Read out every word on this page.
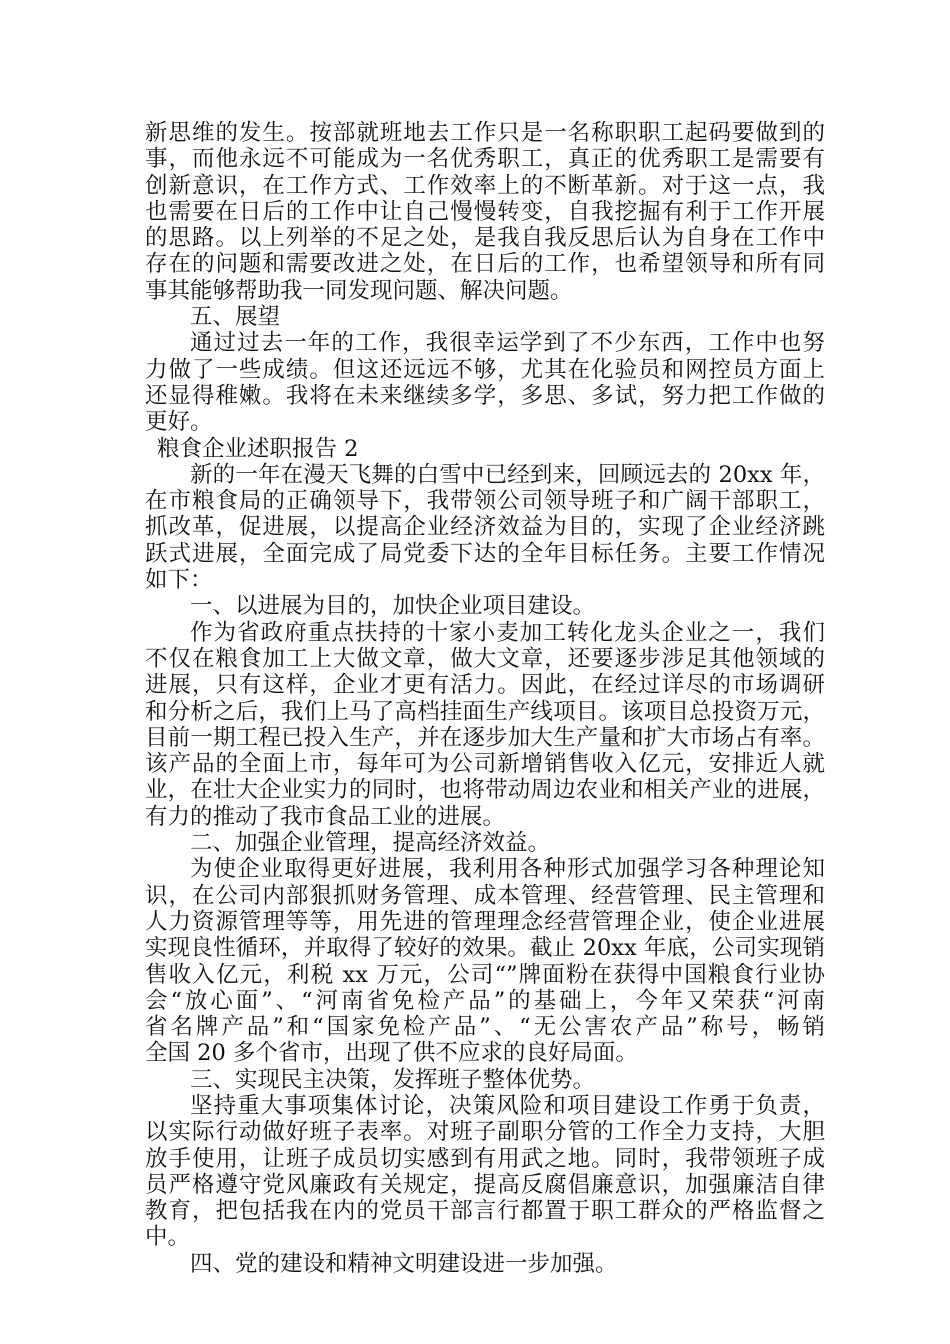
新思维的发生。按部就班地去工作只是一名称职职工起码要做到的
事，而他永远不可能成为一名优秀职工，真正的优秀职工是需要有
创新意识，在工作方式、工作效率上的不断革新。对于这一点，我
也需要在日后的工作中让自己慢慢转变，自我挖掘有利于工作开展
的思路。以上列举的不足之处，是我自我反思后认为自身在工作中
存在的问题和需要改进之处，在日后的工作，也希望领导和所有同
事其能够帮助我一同发现问题、解决问题。
五、展望
通过过去一年的工作，我很幸运学到了不少东西，工作中也努
力做了一些成绩。但这还远远不够，尤其在化验员和网控员方面上
还显得稚嫩。我将在未来继续多学，多思、多试，努力把工作做的
更好。
粮食企业述职报告 2
新的一年在漫天飞舞的白雪中已经到来，回顾远去的 20xx 年，
在市粮食局的正确领导下，我带领公司领导班子和广阔干部职工，
抓改革，促进展，以提高企业经济效益为目的，实现了企业经济跳
跃式进展，全面完成了局党委下达的全年目标任务。主要工作情况
如下：
一、以进展为目的，加快企业项目建设。
作为省政府重点扶持的十家小麦加工转化龙头企业之一，我们
不仅在粮食加工上大做文章，做大文章，还要逐步涉足其他领域的
进展，只有这样，企业才更有活力。因此，在经过详尽的市场调研
和分析之后，我们上马了高档挂面生产线项目。该项目总投资万元，
目前一期工程已投入生产，并在逐步加大生产量和扩大市场占有率。
该产品的全面上市，每年可为公司新增销售收入亿元，安排近人就
业，在壮大企业实力的同时，也将带动周边农业和相关产业的进展，
有力的推动了我市食品工业的进展。
二、加强企业管理，提高经济效益。
为使企业取得更好进展，我利用各种形式加强学习各种理论知
识，在公司内部狠抓财务管理、成本管理、经营管理、民主管理和
人力资源管理等等，用先进的管理理念经营管理企业，使企业进展
实现良性循环，并取得了较好的效果。截止 20xx 年底，公司实现销
售收入亿元，利税 xx 万元，公司“”牌面粉在获得中国粮食行业协
会“放心面”、“河南省免检产品”的基础上，今年又荣获“河南
省名牌产品”和“国家免检产品”、“无公害农产品”称号，畅销
全国 20 多个省市，出现了供不应求的良好局面。
三、实现民主决策，发挥班子整体优势。
坚持重大事项集体讨论，决策风险和项目建设工作勇于负责，
以实际行动做好班子表率。对班子副职分管的工作全力支持，大胆
放手使用，让班子成员切实感到有用武之地。同时，我带领班子成
员严格遵守党风廉政有关规定，提高反腐倡廉意识，加强廉洁自律
教育，把包括我在内的党员干部言行都置于职工群众的严格监督之
中。
四、党的建设和精神文明建设进一步加强。
